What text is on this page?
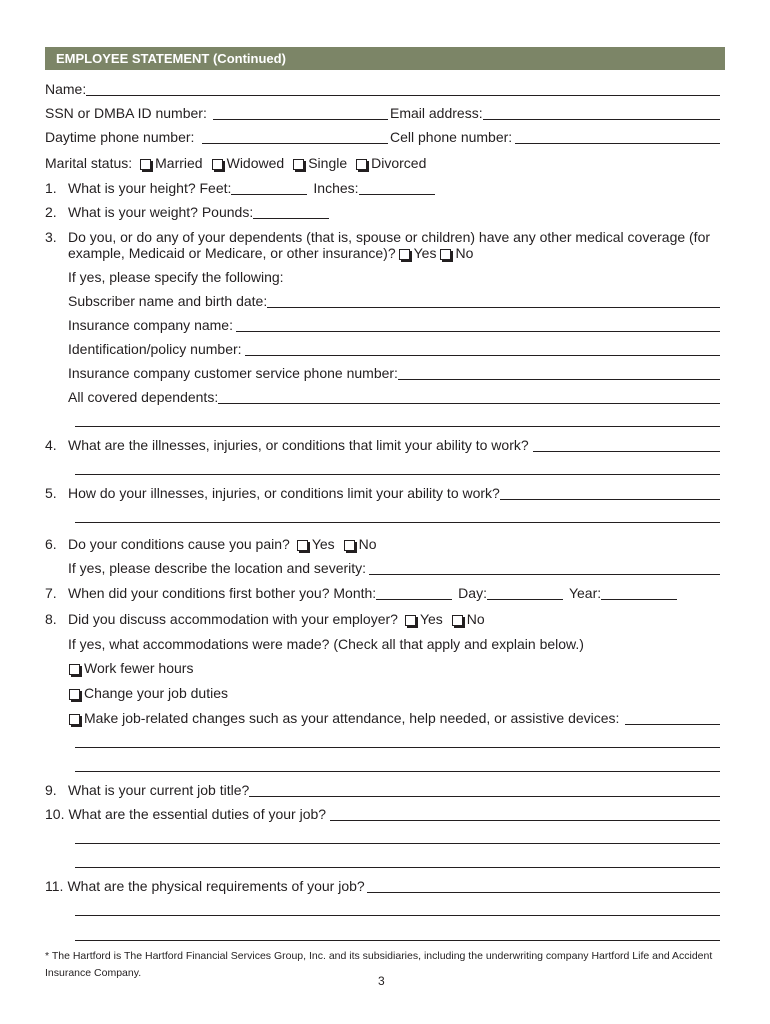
EMPLOYEE STATEMENT (Continued)
Name:
SSN or DMBA ID number:	Email address:
Daytime phone number:	Cell phone number:
Marital status: Married Widowed Single Divorced
1. What is your height? Feet:	Inches:
2. What is your weight? Pounds:
3. Do you, or do any of your dependents (that is, spouse or children) have any other medical coverage (for
example, Medicaid or Medicare, or other insurance)? Yes No
If yes, please specify the following:
Subscriber name and birth date:
Insurance company name:
Identification/policy number:
Insurance company customer service phone number:
All covered dependents:
4. What are the illnesses, injuries, or conditions that limit your ability to work?
5. How do your illnesses, injuries, or conditions limit your ability to work?
6. Do your conditions cause you pain? Yes No
If yes, please describe the location and severity:
7. When did your conditions first bother you? Month:	Day:	Year:
8. Did you discuss accommodation with your employer? Yes No
If yes, what accommodations were made? (Check all that apply and explain below.)
Work fewer hours
Change your job duties
Make job-related changes such as your attendance, help needed, or assistive devices:
9. What is your current job title?
10. What are the essential duties of your job?
11. What are the physical requirements of your job?
* The Hartford is The Hartford Financial Services Group, Inc. and its subsidiaries, including the underwriting company Hartford Life and Accident Insurance Company.
3
